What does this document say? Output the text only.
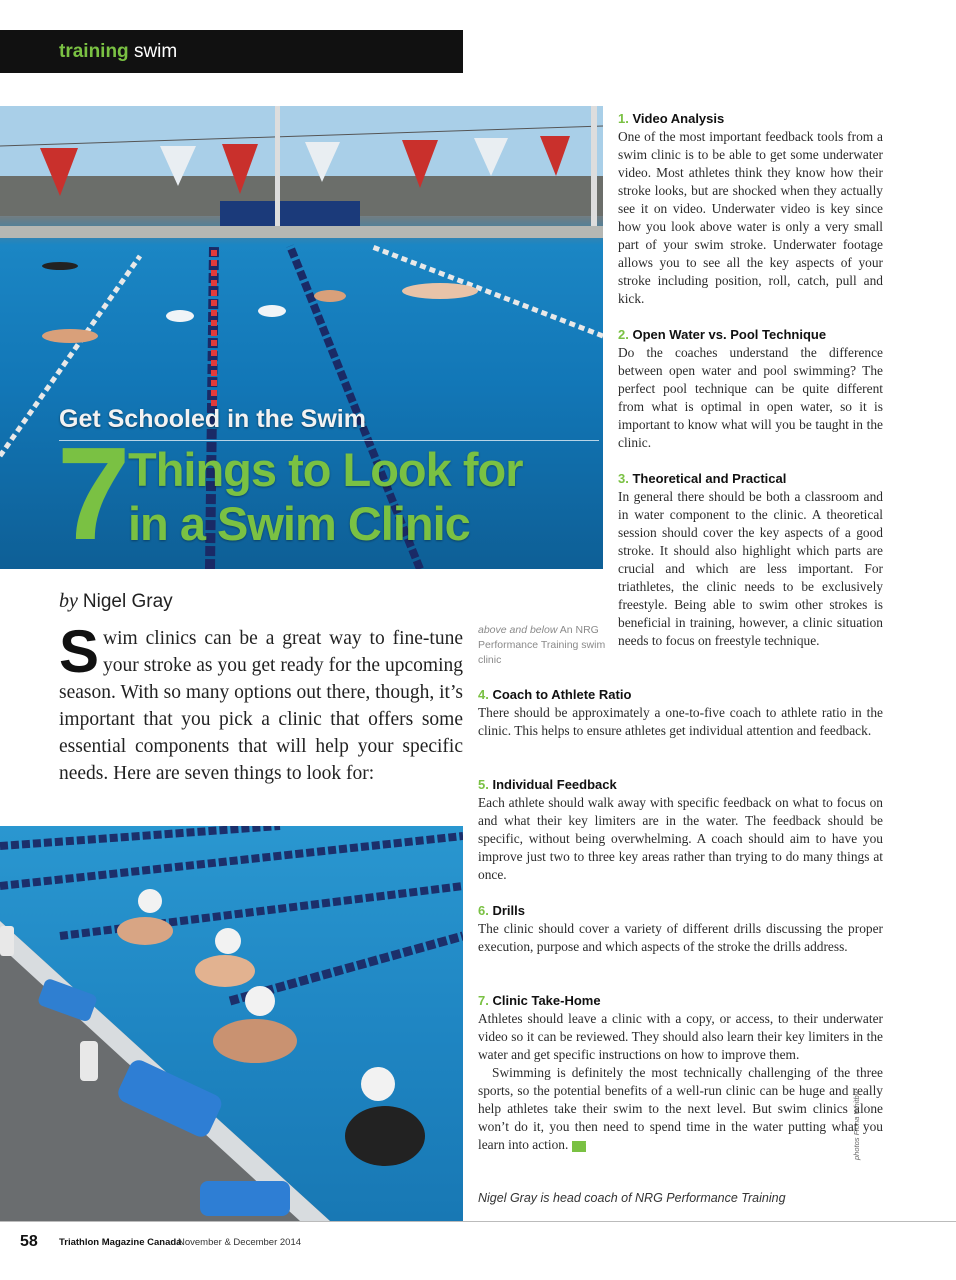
training swim
Get Schooled in the Swim
7 Things to Look for
in a Swim Clinic
by Nigel Gray
Swim clinics can be a great way to fine-tune your stroke as you get ready for the upcoming season. With so many options out there, though, it’s important that you pick a clinic that offers some essential components that will help your specific needs. Here are seven things to look for:
above and below An NRG Performance Training swim clinic

1. Video Analysis

One of the most important feedback tools from a swim clinic is to be able to get some underwater video. Most athletes think they know how their stroke looks, but are shocked when they actually see it on video. Underwater video is key since how you look above water is only a very small part of your swim stroke. Underwater footage allows you to see all the key aspects of your stroke including position, roll, catch, pull and kick.

2. Open Water vs. Pool Technique

Do the coaches understand the difference between open water and pool swimming? The perfect pool technique can be quite different from what is optimal in open water, so it is important to know what will you be taught in the clinic.

3. Theoretical and Practical

In general there should be both a classroom and in water component to the clinic. A theoretical session should cover the key aspects of a good stroke. It should also highlight which parts are crucial and which are less important. For triathletes, the clinic needs to be exclusively freestyle. Being able to swim other strokes is beneficial in training, however, a clinic situation needs to focus on freestyle technique.

4. Coach to Athlete Ratio

There should be approximately a one-to-five coach to athlete ratio in the clinic. This helps to ensure athletes get individual attention and feedback.

5. Individual Feedback

Each athlete should walk away with specific feedback on what to focus on and what their key limiters are in the water. The feedback should be specific, without being overwhelming. A coach should aim to have you improve just two to three key areas rather than trying to do many things at once.

6. Drills

The clinic should cover a variety of different drills discussing the proper execution, purpose and which aspects of the stroke the drills address.

7. Clinic Take-Home

Athletes should leave a clinic with a copy, or access, to their underwater video so it can be reviewed. They should also learn their key limiters in the water and get specific instructions on how to improve them.

Swimming is definitely the most technically challenging of the three sports, so the potential benefits of a well-run clinic can be huge and really help athletes take their swim to the next level. But swim clinics alone won’t do it, you then need to spend time in the water putting what you learn into action. T

Nigel Gray is head coach of NRG Performance Training
photos Fiona Whitby
58 Triathlon Magazine Canada
November & December 2014
